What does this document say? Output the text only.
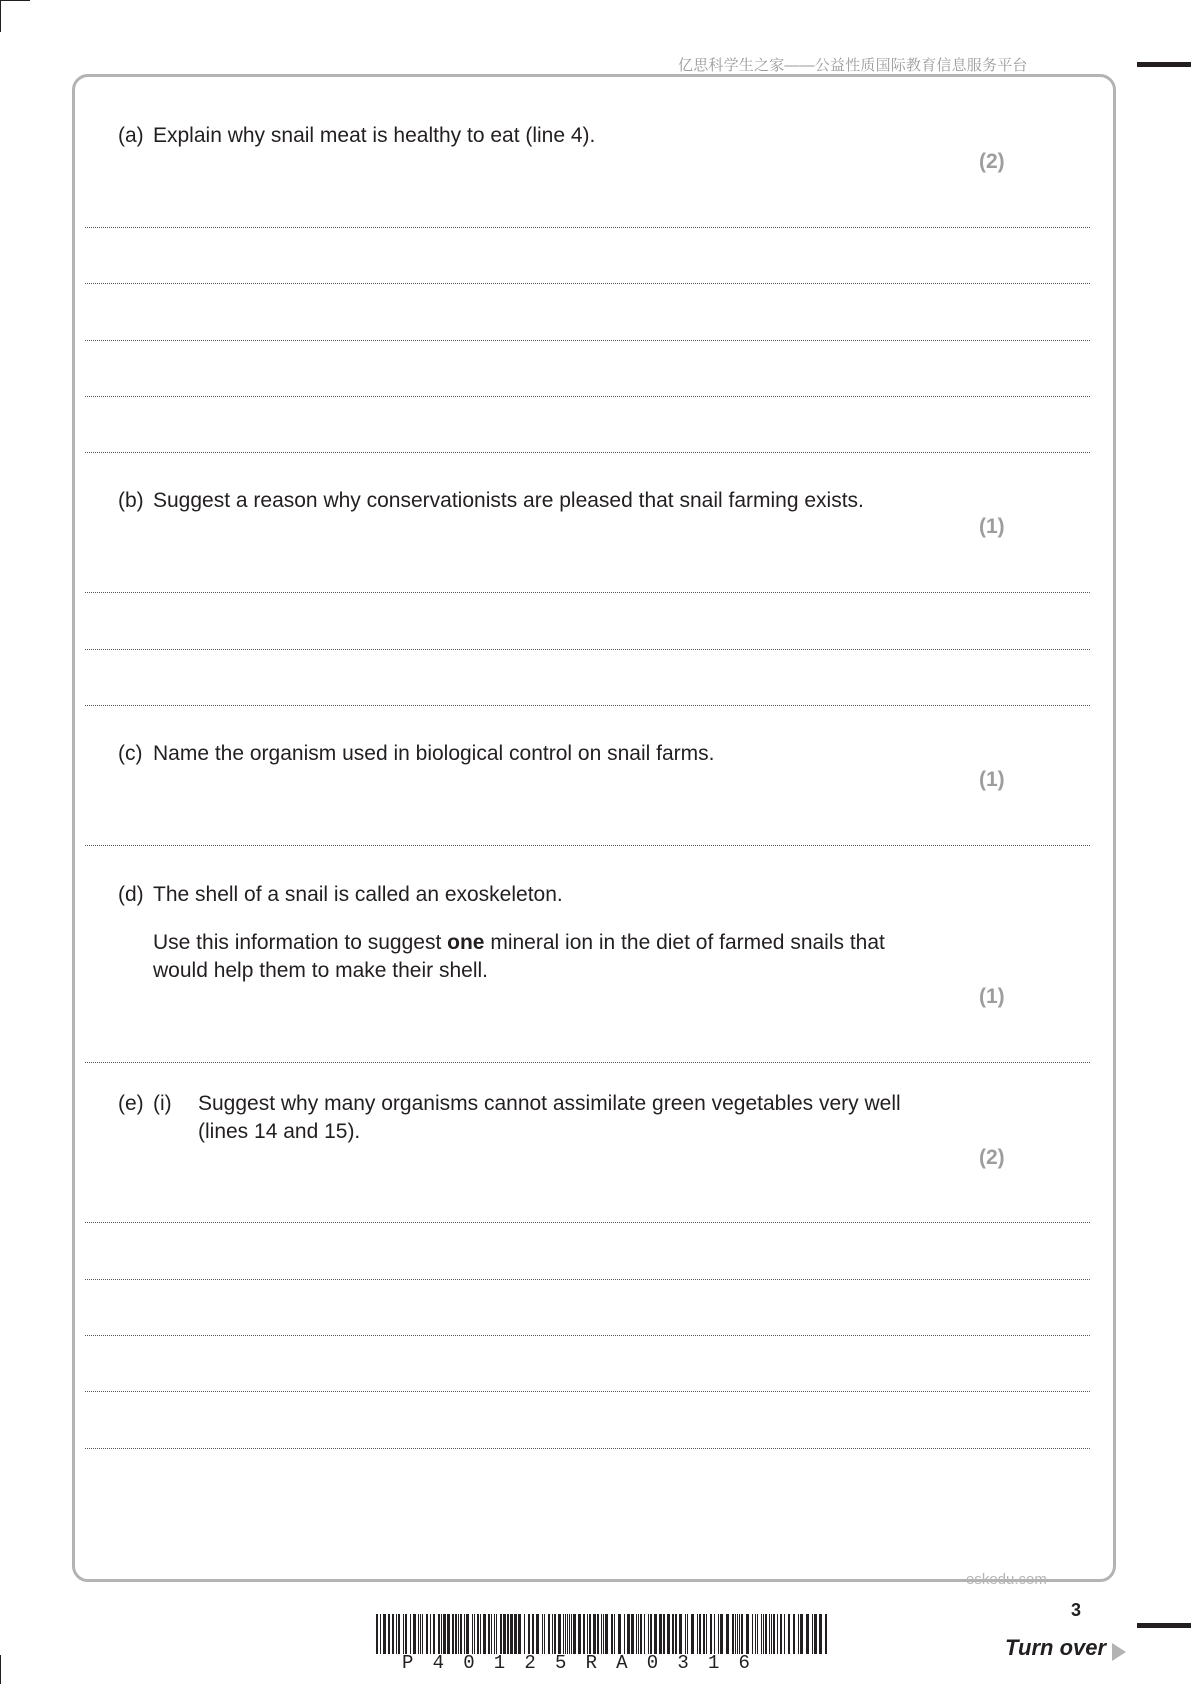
亿思科学生之家——公益性质国际教育信息服务平台
(a) Explain why snail meat is healthy to eat (line 4).
(2)
(b) Suggest a reason why conservationists are pleased that snail farming exists.
(1)
(c) Name the organism used in biological control on snail farms.
(1)
(d) The shell of a snail is called an exoskeleton.
Use this information to suggest one mineral ion in the diet of farmed snails that
would help them to make their shell.
(1)
(e) (i) Suggest why many organisms cannot assimilate green vegetables very well
(lines 14 and 15).
(2)
eskedu.com
3
Turn over
P 4 0 1 2 5 R A 0 3 1 6
